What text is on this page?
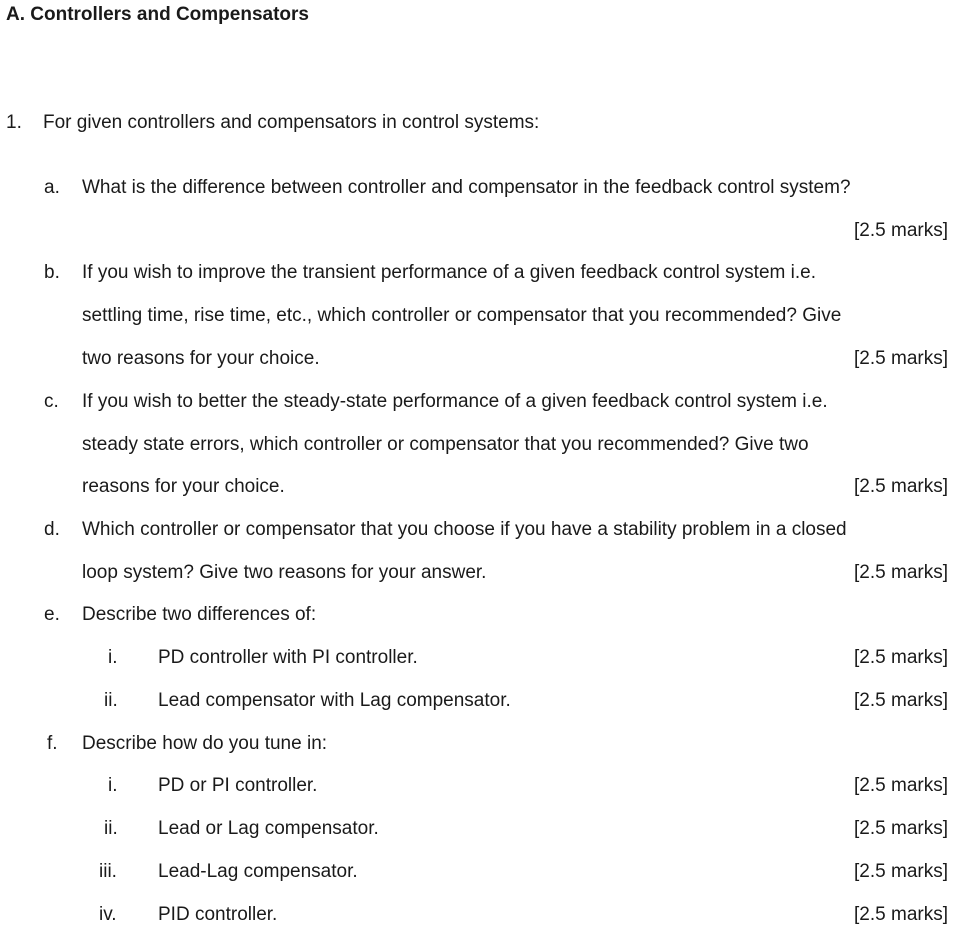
A. Controllers and Compensators
1. For given controllers and compensators in control systems:
a. What is the difference between controller and compensator in the feedback control system?
[2.5 marks]
b. If you wish to improve the transient performance of a given feedback control system i.e.
settling time, rise time, etc., which controller or compensator that you recommended? Give
two reasons for your choice.	[2.5 marks]
c. If you wish to better the steady-state performance of a given feedback control system i.e.
steady state errors, which controller or compensator that you recommended? Give two
reasons for your choice.	[2.5 marks]
d. Which controller or compensator that you choose if you have a stability problem in a closed
loop system? Give two reasons for your answer.	[2.5 marks]
e. Describe two differences of:
i. PD controller with PI controller.	[2.5 marks]
ii. Lead compensator with Lag compensator.	[2.5 marks]
f. Describe how do you tune in:
i. PD or PI controller.	[2.5 marks]
ii. Lead or Lag compensator.	[2.5 marks]
iii. Lead-Lag compensator.	[2.5 marks]
iv. PID controller.	[2.5 marks]
